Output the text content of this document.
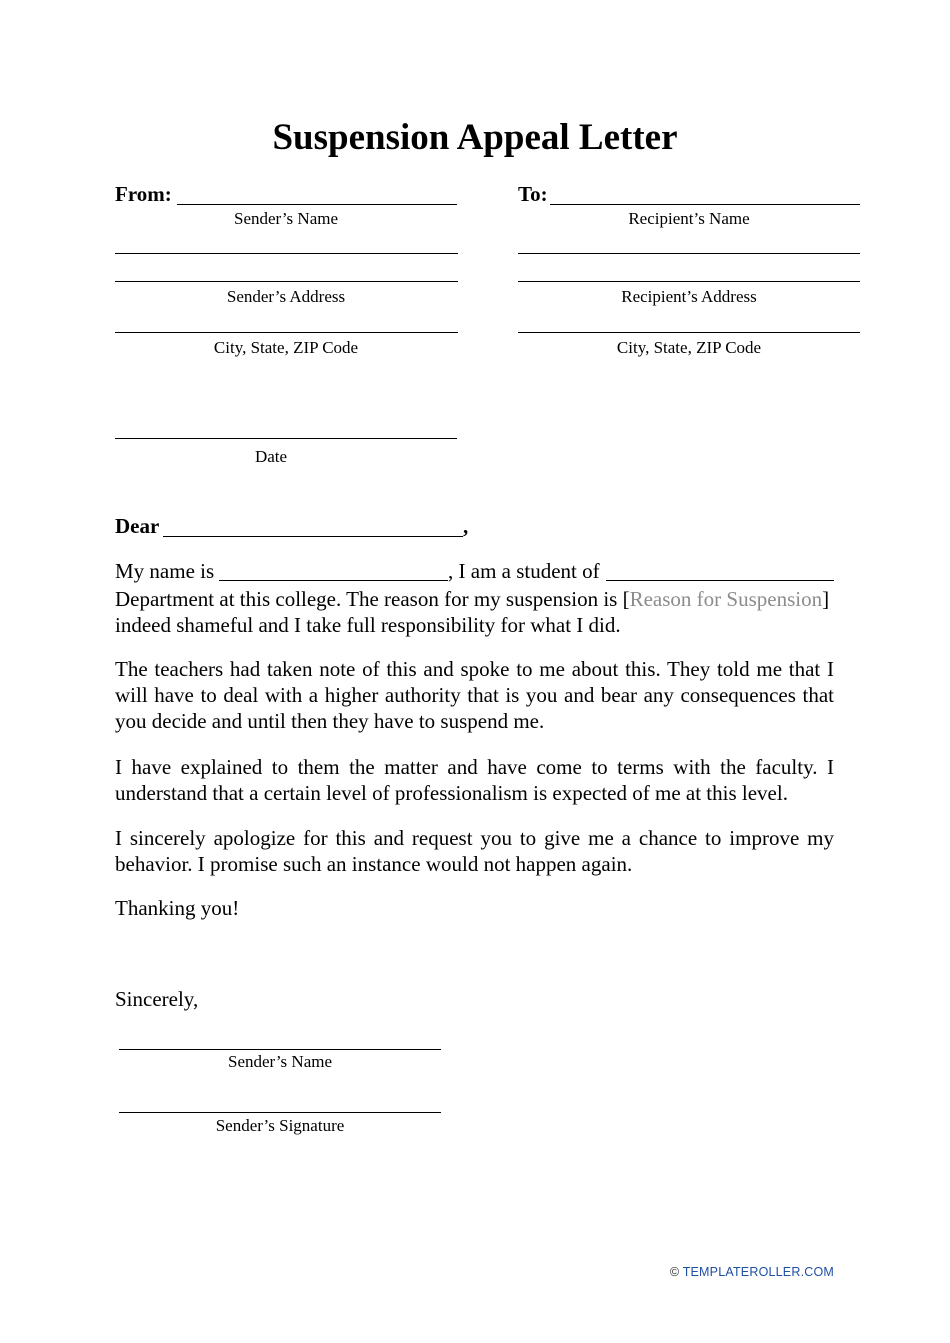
Suspension Appeal Letter
From:
Sender’s Name
Sender’s Address
City, State, ZIP Code
Date
To:
Recipient’s Name
Recipient’s Address
City, State, ZIP Code
Dear	,
My name is	, I am a student of
Department at this college. The reason for my suspension is [Reason for Suspension]
indeed shameful and I take full responsibility for what I did.
The teachers had taken note of this and spoke to me about this. They told me that I will have to deal with a higher authority that is you and bear any consequences that you decide and until then they have to suspend me.
I have explained to them the matter and have come to terms with the faculty. I understand that a certain level of professionalism is expected of me at this level.
I sincerely apologize for this and request you to give me a chance to improve my behavior. I promise such an instance would not happen again.
Thanking you!
Sincerely,
Sender’s Name
Sender’s Signature
© TEMPLATEROLLER.COM
